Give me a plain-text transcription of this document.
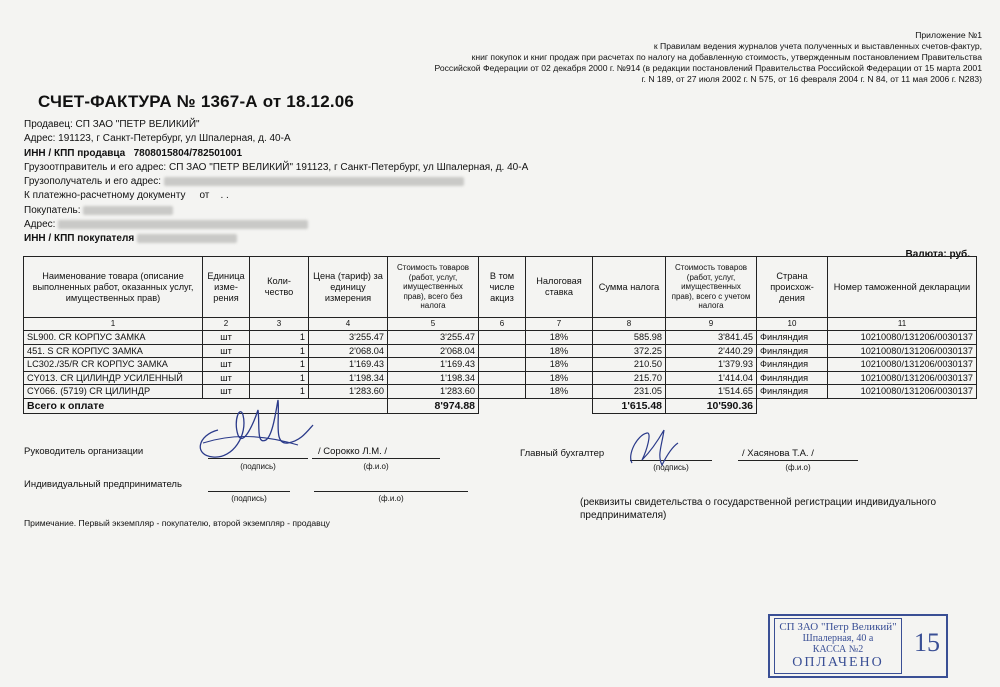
Приложение №1
к Правилам ведения журналов учета полученных и выставленных счетов-фактур,
книг покупок и книг продаж при расчетах по налогу на добавленную стоимость, утвержденным постановлением Правительства
Российской Федерации от 02 декабря 2000 г. №914 (в редакции постановлений Правительства Российской Федерации от 15 марта 2001
г. N 189, от 27 июля 2002 г. N 575, от 16 февраля 2004 г. N 84, от 11 мая 2006 г. N283)
СЧЕТ-ФАКТУРА № 1367-А от 18.12.06
Продавец: СП ЗАО "ПЕТР ВЕЛИКИЙ"
Адрес: 191123, г Санкт-Петербург, ул Шпалерная, д. 40-А
ИНН / КПП продавца 7808015804/782501001
Грузоотправитель и его адрес: СП ЗАО "ПЕТР ВЕЛИКИЙ" 191123, г Санкт-Петербург, ул Шпалерная, д. 40-А
Грузополучатель и его адрес:
К платежно-расчетному документу от . .
Покупатель:
Адрес:
ИНН / КПП покупателя
Валюта: руб.
Наименование товара (описание выполненных работ, оказанных услуг, имущественных прав)	Единица изме-рения	Коли-чество	Цена (тариф) за единицу измерения	Стоимость товаров (работ, услуг, имущественных прав), всего без налога	В том числе акциз	Налоговая ставка	Сумма налога	Стоимость товаров (работ, услуг, имущественных прав), всего с учетом налога	Страна происхож-дения	Номер таможенной декларации
1	2	3	4	5	6	7	8	9	10	11
SL900. CR КОРПУС ЗАМКА	шт	1	3'255.47	3'255.47		18%	585.98	3'841.45	Финляндия	10210080/131206/0030137
451. S CR КОРПУС ЗАМКА	шт	1	2'068.04	2'068.04		18%	372.25	2'440.29	Финляндия	10210080/131206/0030137
LC302./35/R CR КОРПУС ЗАМКА	шт	1	1'169.43	1'169.43		18%	210.50	1'379.93	Финляндия	10210080/131206/0030137
CY013. CR ЦИЛИНДР УСИЛЕННЫЙ	шт	1	1'198.34	1'198.34		18%	215.70	1'414.04	Финляндия	10210080/131206/0030137
CY066. (5719) CR ЦИЛИНДР	шт	1	1'283.60	1'283.60		18%	231.05	1'514.65	Финляндия	10210080/131206/0030137
Всего к оплате				8'974.88			1'615.48	10'590.36		
Руководитель организации
(подпись)
/ Сорокко Л.М. /
(ф.и.о)
Главный бухгалтер
(подпись)
/ Хасянова Т.А. /
(ф.и.о)
Индивидуальный предприниматель
(подпись)	(ф.и.о)	(реквизиты свидетельства о государственной регистрации индивидуального предпринимателя)
Примечание. Первый экземпляр - покупателю, второй экземпляр - продавцу
СП ЗАО "Петр Великий"
Шпалерная, 40 а
КАССА №2
ОПЛАЧЕНО
15
